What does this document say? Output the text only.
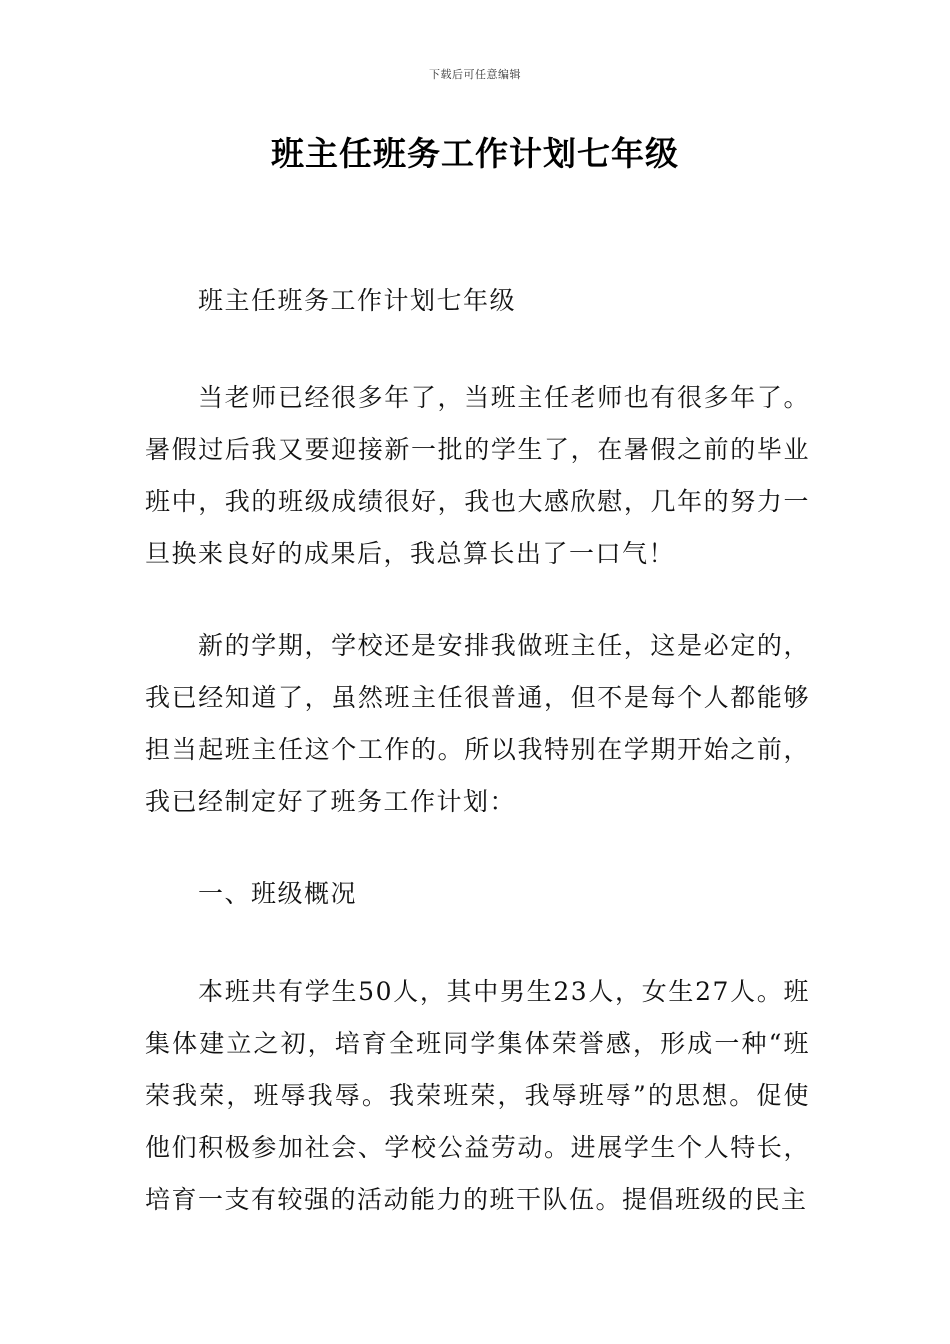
下载后可任意编辑
班主任班务工作计划七年级
班主任班务工作计划七年级
当老师已经很多年了，当班主任老师也有很多年了。暑假过后我又要迎接新一批的学生了，在暑假之前的毕业班中，我的班级成绩很好，我也大感欣慰，几年的努力一旦换来良好的成果后，我总算长出了一口气！
新的学期，学校还是安排我做班主任，这是必定的，我已经知道了，虽然班主任很普通，但不是每个人都能够担当起班主任这个工作的。所以我特别在学期开始之前，我已经制定好了班务工作计划：
一、班级概况
本班共有学生50人，其中男生23人，女生27人。班集体建立之初，培育全班同学集体荣誉感，形成一种“班荣我荣，班辱我辱。我荣班荣，我辱班辱”的思想。促使他们积极参加社会、学校公益劳动。进展学生个人特长，培育一支有较强的活动能力的班干队伍。提倡班级的民主
